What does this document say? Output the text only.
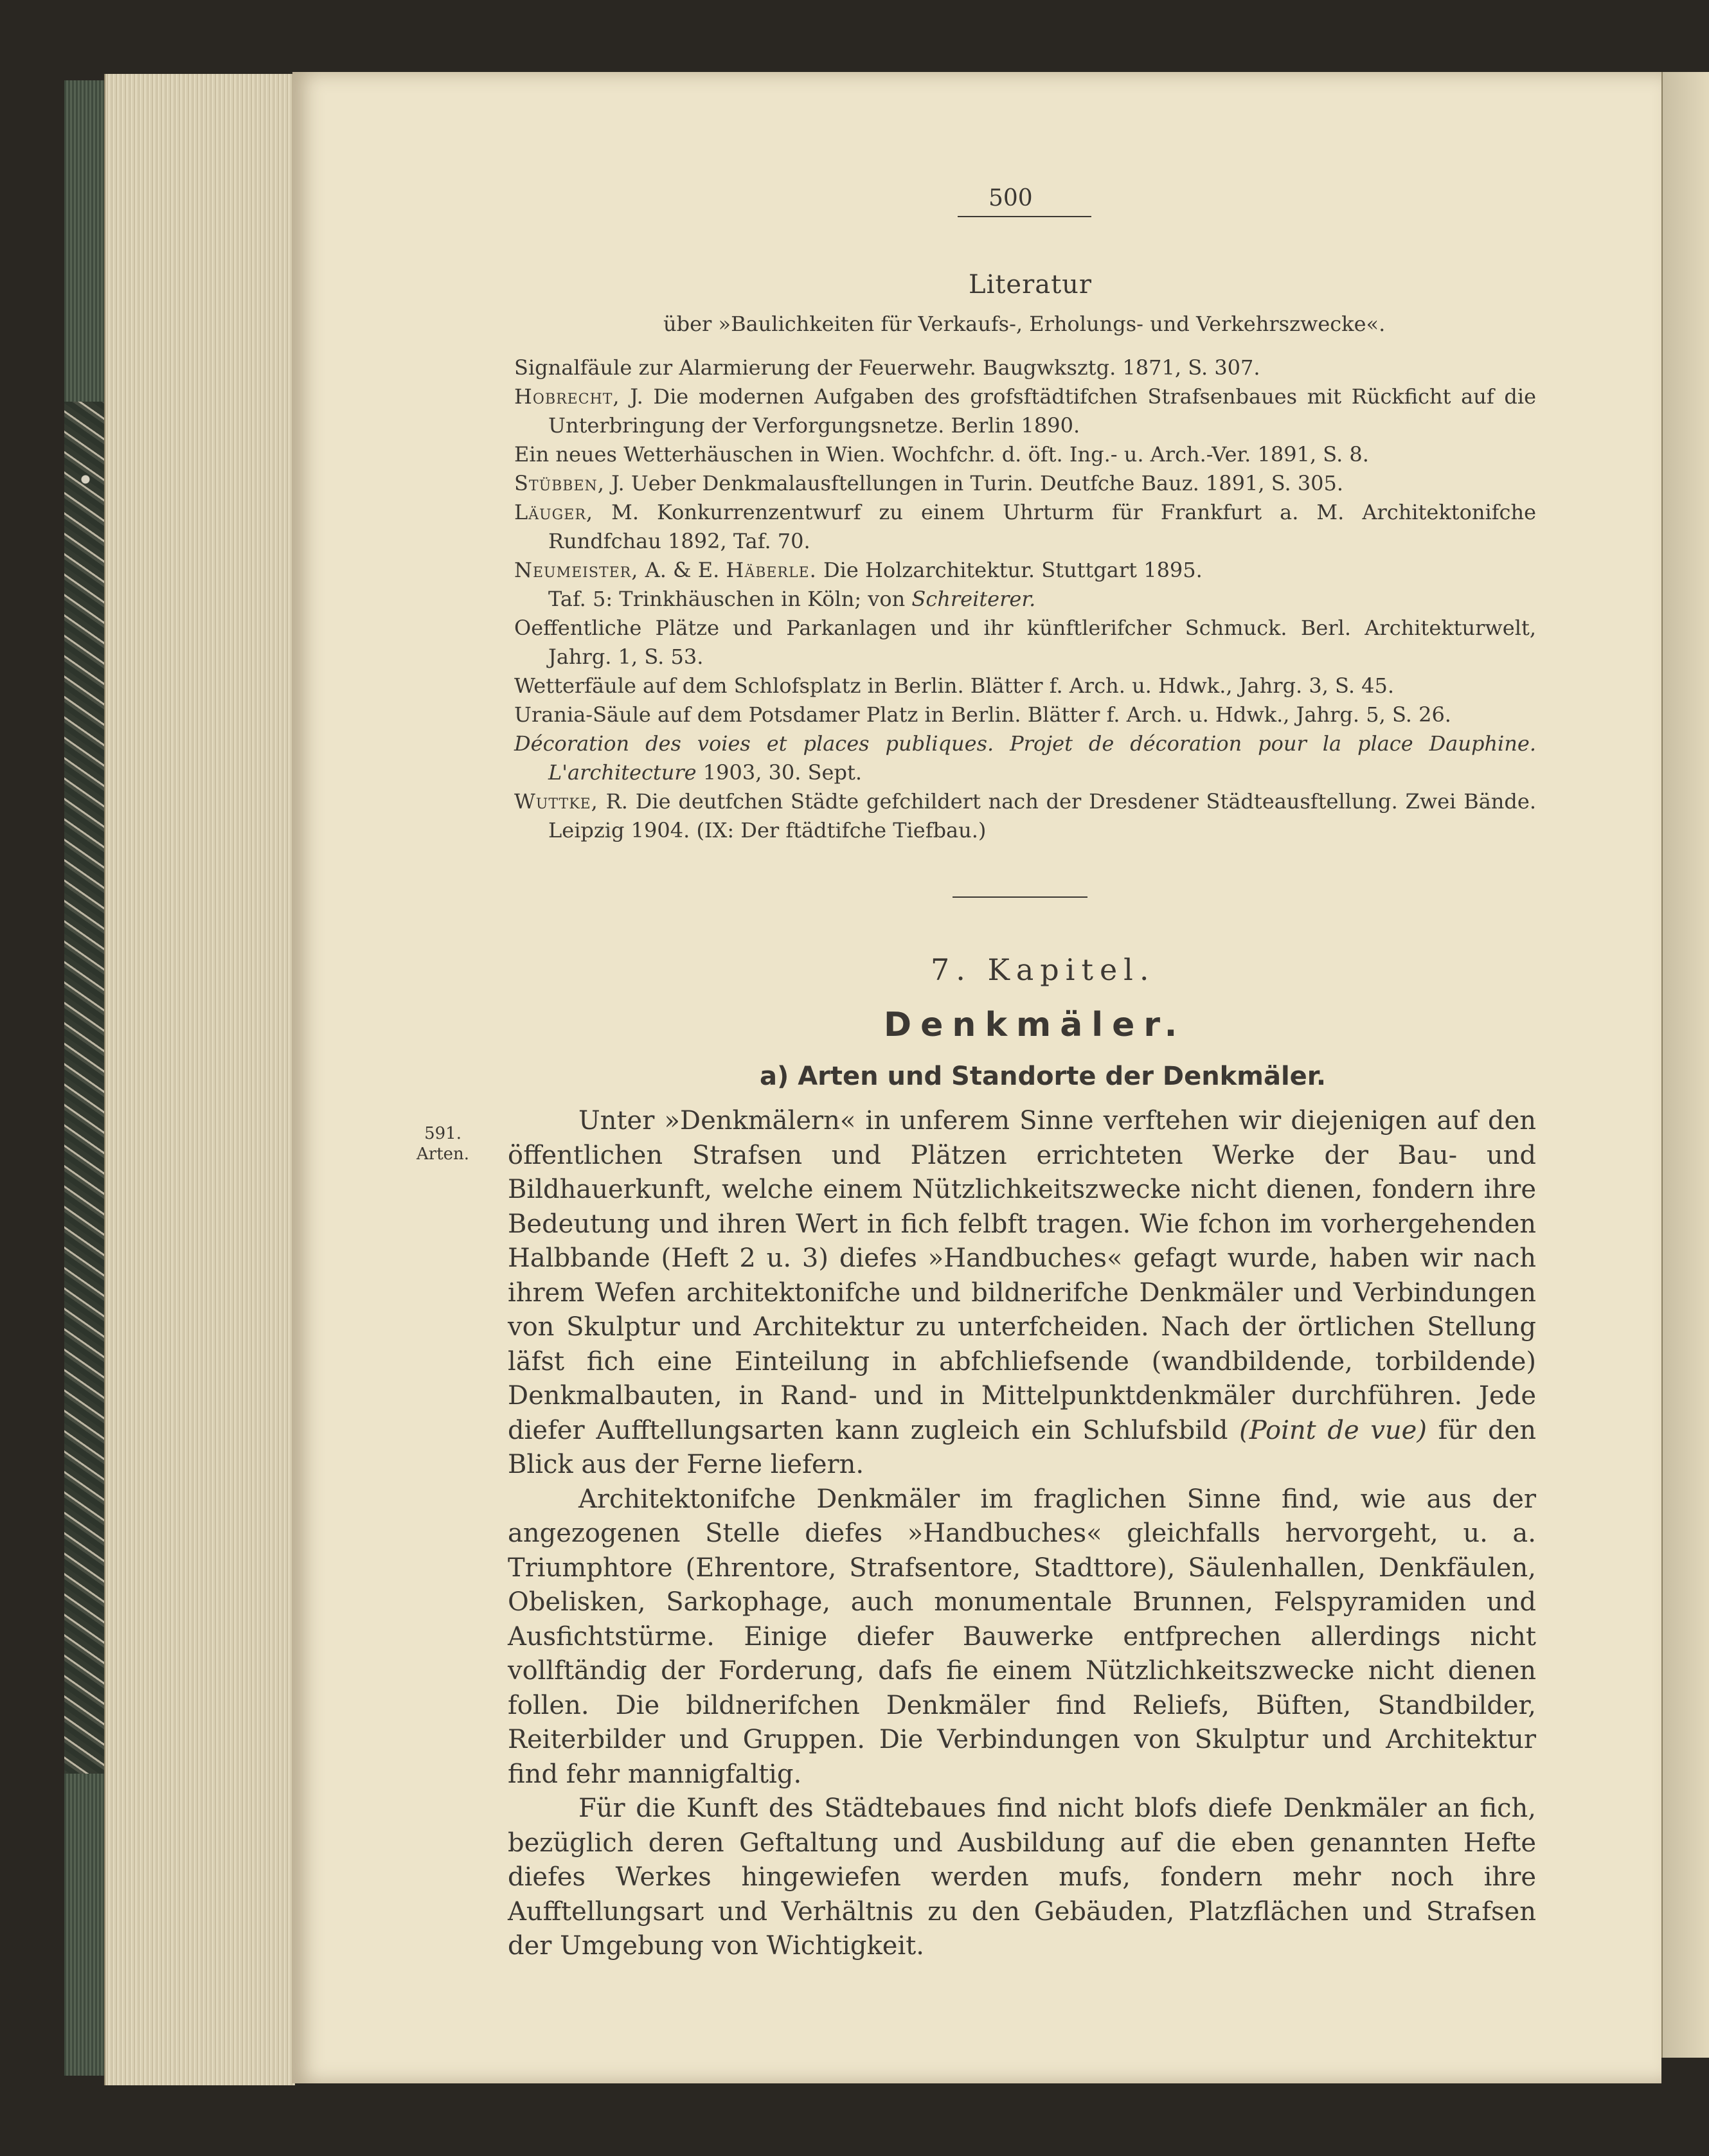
500
Literatur
über »Baulichkeiten für Verkaufs-, Erholungs- und Verkehrszwecke«.
Signalfäule zur Alarmierung der Feuerwehr. Baugwksztg. 1871, S. 307.
Hobrecht, J. Die modernen Aufgaben des grofsftädtifchen Strafsenbaues mit Rückficht auf die Unterbringung der Verforgungsnetze. Berlin 1890.
Ein neues Wetterhäuschen in Wien. Wochfchr. d. öft. Ing.- u. Arch.-Ver. 1891, S. 8.
Stübben, J. Ueber Denkmalausftellungen in Turin. Deutfche Bauz. 1891, S. 305.
Läuger, M. Konkurrenzentwurf zu einem Uhrturm für Frankfurt a. M. Architektonifche Rundfchau 1892, Taf. 70.
Neumeister, A. & E. Häberle. Die Holzarchitektur. Stuttgart 1895.
Taf. 5: Trinkhäuschen in Köln; von Schreiterer.
Oeffentliche Plätze und Parkanlagen und ihr künftlerifcher Schmuck. Berl. Architekturwelt, Jahrg. 1, S. 53.
Wetterfäule auf dem Schlofsplatz in Berlin. Blätter f. Arch. u. Hdwk., Jahrg. 3, S. 45.
Urania-Säule auf dem Potsdamer Platz in Berlin. Blätter f. Arch. u. Hdwk., Jahrg. 5, S. 26.
Décoration des voies et places publiques. Projet de décoration pour la place Dauphine. L'architecture 1903, 30. Sept.
Wuttke, R. Die deutfchen Städte gefchildert nach der Dresdener Städteausftellung. Zwei Bände. Leipzig 1904. (IX: Der ftädtifche Tiefbau.)
7. Kapitel.
Denkmäler.
a) Arten und Standorte der Denkmäler.
591.
Arten.

Unter »Denkmälern« in unferem Sinne verftehen wir diejenigen auf den öffentlichen Strafsen und Plätzen errichteten Werke der Bau- und Bildhauerkunft, welche einem Nützlichkeitszwecke nicht dienen, fondern ihre Bedeutung und ihren Wert in fich felbft tragen. Wie fchon im vorhergehenden Halbbande (Heft 2 u. 3) diefes »Handbuches« gefagt wurde, haben wir nach ihrem Wefen architektonifche und bildnerifche Denkmäler und Verbindungen von Skulptur und Architektur zu unterfcheiden. Nach der örtlichen Stellung läfst fich eine Einteilung in abfchliefsende (wandbildende, torbildende) Denkmalbauten, in Rand- und in Mittelpunktdenkmäler durchführen. Jede diefer Aufftellungsarten kann zugleich ein Schlufsbild (Point de vue) für den Blick aus der Ferne liefern.

Architektonifche Denkmäler im fraglichen Sinne find, wie aus der angezogenen Stelle diefes »Handbuches« gleichfalls hervorgeht, u. a. Triumphtore (Ehrentore, Strafsentore, Stadttore), Säulenhallen, Denkfäulen, Obelisken, Sarkophage, auch monumentale Brunnen, Felspyramiden und Ausfichtstürme. Einige diefer Bauwerke entfprechen allerdings nicht vollftändig der Forderung, dafs fie einem Nützlichkeitszwecke nicht dienen follen. Die bildnerifchen Denkmäler find Reliefs, Büften, Standbilder, Reiterbilder und Gruppen. Die Verbindungen von Skulptur und Architektur find fehr mannigfaltig.

Für die Kunft des Städtebaues find nicht blofs diefe Denkmäler an fich, bezüglich deren Geftaltung und Ausbildung auf die eben genannten Hefte diefes Werkes hingewiefen werden mufs, fondern mehr noch ihre Aufftellungsart und Verhältnis zu den Gebäuden, Platzflächen und Strafsen der Umgebung von Wichtigkeit.
